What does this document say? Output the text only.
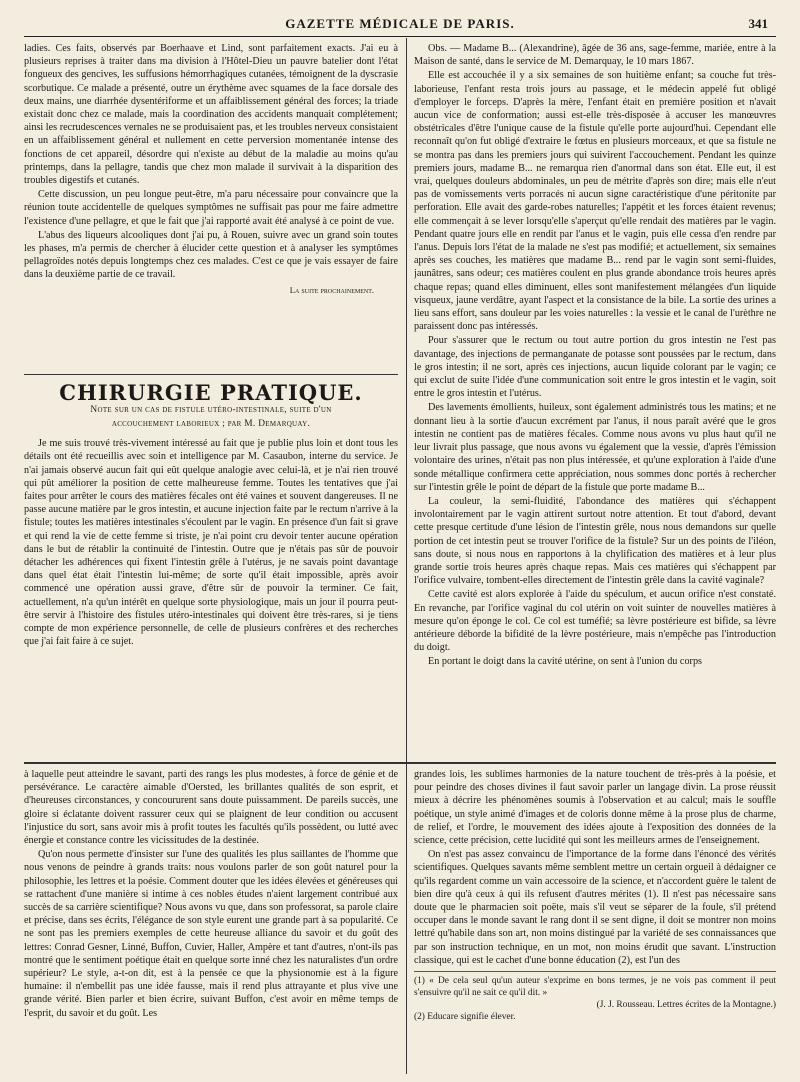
GAZETTE MÉDICALE DE PARIS.	341

ladies. Ces faits, observés par Boerhaave et Lind, sont parfaitement exacts. J'ai eu à plusieurs reprises à traiter dans ma division à l'Hôtel-Dieu un pauvre batelier dont l'état fongueux des gencives, les suffusions hémorrhagiques cutanées, témoignent de la dyscrasie scorbutique. Ce malade a présenté, outre un érythème avec squames de la face dorsale des deux mains, une diarrhée dysentériforme et un affaiblissement général des forces; la triade existait donc chez ce malade, mais la coordination des accidents manquait complétement; ainsi les recrudescences vernales ne se produisaient pas, et les troubles nerveux consistaient en un affaiblissement général et nullement en cette perversion momentanée intense des fonctions de cet appareil, désordre qui n'existe au début de la maladie au moins qu'au printemps, dans la pellagre, tandis que chez mon malade il survivait à la disparition des troubles digestifs et cutanés.

Cette discussion, un peu longue peut-être, m'a paru nécessaire pour convaincre que la réunion toute accidentelle de quelques symptômes ne suffisait pas pour me faire admettre l'existence d'une pellagre, et que le fait que j'ai rapporté avait été analysé à ce point de vue.

L'abus des liqueurs alcooliques dont j'ai pu, à Rouen, suivre avec un grand soin toutes les phases, m'a permis de chercher à élucider cette question et à analyser les symptômes pellagroïdes notés depuis longtemps chez ces malades. C'est ce que je vais essayer de faire dans la deuxième partie de ce travail.

La suite prochainement.
CHIRURGIE PRATIQUE.
Note sur un cas de fistule utéro-intestinale, suite d'un
accouchement laborieux ; par M. Demarquay.

Je me suis trouvé très-vivement intéressé au fait que je publie plus loin et dont tous les détails ont été recueillis avec soin et intelligence par M. Casaubon, interne du service. Je n'ai jamais observé aucun fait qui eût quelque analogie avec celui-là, et je n'ai rien trouvé qui pût améliorer la position de cette malheureuse femme. Toutes les tentatives que j'ai faites pour arrêter le cours des matières fécales ont été vaines et souvent dangereuses. Il ne passe aucune matière par le gros intestin, et aucune injection faite par le rectum n'arrive à la fistule; toutes les matières intestinales s'écoulent par le vagin. En présence d'un fait si grave et qui rend la vie de cette femme si triste, je n'ai point cru devoir tenter aucune opération dans le but de rétablir la continuité de l'intestin. Outre que je n'étais pas sûr de pouvoir détacher les adhérences qui fixent l'intestin grêle à l'utérus, je ne savais point davantage dans quel état était l'intestin lui-même; de sorte qu'il était impossible, après avoir commencé une opération aussi grave, d'être sûr de pouvoir la terminer. Ce fait, actuellement, n'a qu'un intérêt en quelque sorte physiologique, mais un jour il pourra peut-être servir à l'histoire des fistules utéro-intestinales qui doivent être très-rares, si je tiens compte de mon expérience personnelle, de celle de plusieurs confrères et des recherches que j'ai fait faire à ce sujet.

Obs. — Madame B... (Alexandrine), âgée de 36 ans, sage-femme, mariée, entre à la Maison de santé, dans le service de M. Demarquay, le 10 mars 1867.

Elle est accouchée il y a six semaines de son huitième enfant; sa couche fut très-laborieuse, l'enfant resta trois jours au passage, et le médecin appelé fut obligé d'employer le forceps. D'après la mère, l'enfant était en première position et n'avait aucun vice de conformation; aussi est-elle très-disposée à accuser les manœuvres obstétricales d'être l'unique cause de la fistule qu'elle porte aujourd'hui. Cependant elle reconnaît qu'on fut obligé d'extraire le fœtus en plusieurs morceaux, et que sa fistule ne se montra pas dans les premiers jours qui suivirent l'accouchement. Pendant les quinze premiers jours, madame B... ne remarqua rien d'anormal dans son état. Elle eut, il est vrai, quelques douleurs abdominales, un peu de métrite d'après son dire; mais elle n'eut pas de vomissements verts porracés ni aucun signe caractéristique d'une péritonite par perforation. Elle avait des garde-robes naturelles; l'appétit et les forces étaient revenus; elle commençait à se lever lorsqu'elle s'aperçut qu'elle rendait des matières par le vagin. Pendant quatre jours elle en rendit par l'anus et le vagin, puis elle cessa d'en rendre par l'anus. Depuis lors l'état de la malade ne s'est pas modifié; et actuellement, six semaines après ses couches, les matières que madame B... rend par le vagin sont semi-fluides, jaunâtres, sans odeur; ces matières coulent en plus grande abondance trois heures après chaque repas; quand elles diminuent, elles sont manifestement mélangées d'un liquide visqueux, jaune verdâtre, ayant l'aspect et la consistance de la bile. La sortie des urines a lieu sans effort, sans douleur par les voies naturelles : la vessie et le canal de l'urèthre ne paraissent donc pas intéressés.

Pour s'assurer que le rectum ou tout autre portion du gros intestin ne l'est pas davantage, des injections de permanganate de potasse sont poussées par le rectum, dans le gros intestin; il ne sort, après ces injections, aucun liquide colorant par le vagin; ce qui exclut de suite l'idée d'une communication soit entre le gros intestin et le vagin, soit entre le gros intestin et l'utérus.

Des lavements émollients, huileux, sont également administrés tous les matins; et ne donnant lieu à la sortie d'aucun excrément par l'anus, il nous paraît avéré que le gros intestin ne contient pas de matières fécales. Comme nous avons vu plus haut qu'il ne leur livrait plus passage, que nous avons vu également que la vessie, d'après l'émission volontaire des urines, n'était pas non plus intéressée, et qu'une exploration à l'aide d'une sonde métallique confirmera cette appréciation, nous sommes donc portés à rechercher sur l'intestin grêle le point de départ de la fistule que porte madame B...

La couleur, la semi-fluidité, l'abondance des matières qui s'échappent involontairement par le vagin attirent surtout notre attention. Et tout d'abord, devant cette presque certitude d'une lésion de l'intestin grêle, nous nous demandons sur quelle portion de cet intestin peut se trouver l'orifice de la fistule? Sur un des points de l'iléon, sans doute, si nous nous en rapportons à la chylification des matières et à leur plus grande sortie trois heures après chaque repas. Mais ces matières qui s'échappent par l'orifice vulvaire, tombent-elles directement de l'intestin grêle dans la cavité vaginale?

Cette cavité est alors explorée à l'aide du spéculum, et aucun orifice n'est constaté. En revanche, par l'orifice vaginal du col utérin on voit suinter de nouvelles matières à mesure qu'on éponge le col. Ce col est tuméfié; sa lèvre postérieure est bifide, sa lèvre antérieure déborde la bifidité de la lèvre postérieure, mais n'empêche pas l'introduction du doigt.

En portant le doigt dans la cavité utérine, on sent à l'union du corps

à laquelle peut atteindre le savant, parti des rangs les plus modestes, à force de génie et de persévérance. Le caractère aimable d'Oersted, les brillantes qualités de son esprit, et d'heureuses circonstances, y concoururent sans doute puissamment. De pareils succès, une gloire si éclatante doivent rassurer ceux qui se plaignent de leur condition ou accusent l'injustice du sort, sans avoir mis à profit toutes les facultés qu'ils possèdent, ou lutté avec énergie et constance contre les vicissitudes de la destinée.

Qu'on nous permette d'insister sur l'une des qualités les plus saillantes de l'homme que nous venons de peindre à grands traits: nous voulons parler de son goût naturel pour la philosophie, les lettres et la poésie. Comment douter que les idées élevées et généreuses qui se rattachent d'une manière si intime à ces nobles études n'aient largement contribué aux succès de sa carrière scientifique? Nous avons vu que, dans son professorat, sa parole claire et précise, dans ses écrits, l'élégance de son style eurent une grande part à sa popularité. Ce ne sont pas les premiers exemples de cette heureuse alliance du savoir et du goût des lettres: Conrad Gesner, Linné, Buffon, Cuvier, Haller, Ampère et tant d'autres, n'ont-ils pas montré que le sentiment poétique était en quelque sorte inné chez les naturalistes d'un ordre supérieur? Le style, a-t-on dit, est à la pensée ce que la physionomie est à la figure humaine: il n'embellit pas une idée fausse, mais il rend plus attrayante et plus vive une grande vérité. Bien parler et bien écrire, suivant Buffon, c'est avoir en même temps de l'esprit, du savoir et du goût. Les

grandes lois, les sublimes harmonies de la nature touchent de très-près à la poésie, et pour peindre des choses divines il faut savoir parler un langage divin. La prose réussit mieux à décrire les phénomènes soumis à l'observation et au calcul; mais le souffle poétique, un style animé d'images et de coloris donne même à la prose plus de charme, de relief, et l'ordre, le mouvement des idées ajoute à l'exposition des données de la science, cette précision, cette lucidité qui sont les meilleurs armes de l'enseignement.

On n'est pas assez convaincu de l'importance de la forme dans l'énoncé des vérités scientifiques. Quelques savants même semblent mettre un certain orgueil à dédaigner ce qu'ils regardent comme un vain accessoire de la science, et n'accordent guère le talent de bien dire qu'à ceux à qui ils refusent d'autres mérites (1). Il n'est pas nécessaire sans doute que le pharmacien soit poëte, mais s'il veut se séparer de la foule, s'il prétend occuper dans le monde savant le rang dont il se sent digne, il doit se montrer non moins lettré qu'habile dans son art, non moins distingué par la variété de ses connaissances que par son instruction technique, en un mot, non moins érudit que savant. L'instruction classique, qui est le cachet d'une bonne éducation (2), est l'un des

(1) « De cela seul qu'un auteur s'exprime en bons termes, je ne vois pas comment il peut s'ensuivre qu'il ne sait ce qu'il dit. »

(J. J. Rousseau. Lettres écrites de la Montagne.)

(2) Educare signifie élever.
